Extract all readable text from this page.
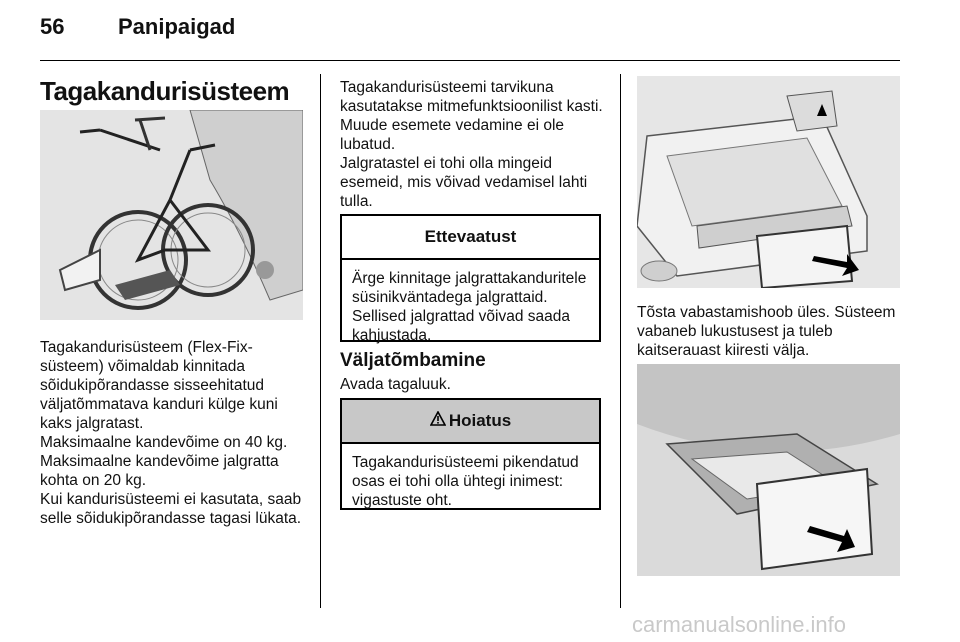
56 Panipaigad
Tagakandurisüsteem
Tagakandurisüsteem (Flex-Fix-süsteem) võimaldab kinnitada sõidukipõrandasse sisseehitatud väljatõmmatava kanduri külge kuni kaks jalgratast.
Maksimaalne kandevõime on 40 kg. Maksimaalne kandevõime jalgratta kohta on 20 kg.
Kui kandurisüsteemi ei kasutata, saab selle sõidukipõrandasse tagasi lükata.
Tagakandurisüsteemi tarvikuna kasutatakse mitmefunktsioonilist kasti. Muude esemete vedamine ei ole lubatud.
Jalgratastel ei tohi olla mingeid esemeid, mis võivad vedamisel lahti tulla.
Ettevaatust
Ärge kinnitage jalgrattakanduritele süsinikväntadega jalgrattaid. Sellised jalgrattad võivad saada kahjustada.
Väljatõmbamine
Avada tagaluuk.
Hoiatus
Tagakandurisüsteemi pikendatud osas ei tohi olla ühtegi inimest: vigastuste oht.
Tõsta vabastamishoob üles. Süsteem vabaneb lukustusest ja tuleb kaitserauast kiiresti välja.
carmanualsonline.info
